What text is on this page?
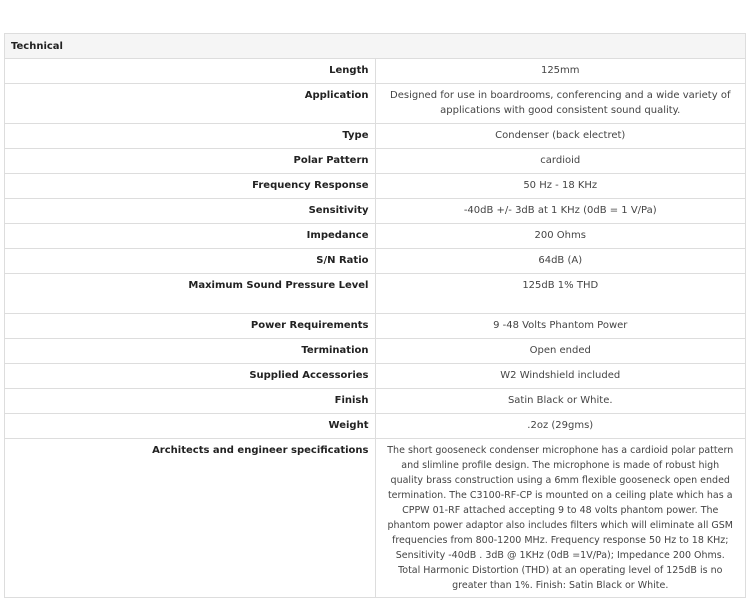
Technical	
Length	125mm
Application	Designed for use in boardrooms, conferencing and a wide variety of applications with good consistent sound quality.
Type	Condenser (back electret)
Polar Pattern	cardioid
Frequency Response	50 Hz - 18 KHz
Sensitivity	-40dB +/- 3dB at 1 KHz (0dB = 1 V/Pa)
Impedance	200 Ohms
S/N Ratio	64dB (A)
Maximum Sound Pressure Level	125dB 1% THD
Power Requirements	9 -48 Volts Phantom Power
Termination	Open ended
Supplied Accessories	W2 Windshield included
Finish	Satin Black or White.
Weight	.2oz (29gms)
Architects and engineer specifications	The short gooseneck condenser microphone has a cardioid polar pattern and slimline profile design. The microphone is made of robust high quality brass construction using a 6mm flexible gooseneck open ended termination. The C3100-RF-CP is mounted on a ceiling plate which has a CPPW 01-RF attached accepting 9 to 48 volts phantom power. The phantom power adaptor also includes filters which will eliminate all GSM frequencies from 800-1200 MHz. Frequency response 50 Hz to 18 KHz; Sensitivity -40dB . 3dB @ 1KHz (0dB =1V/Pa); Impedance 200 Ohms. Total Harmonic Distortion (THD) at an operating level of 125dB is no greater than 1%. Finish: Satin Black or White.
